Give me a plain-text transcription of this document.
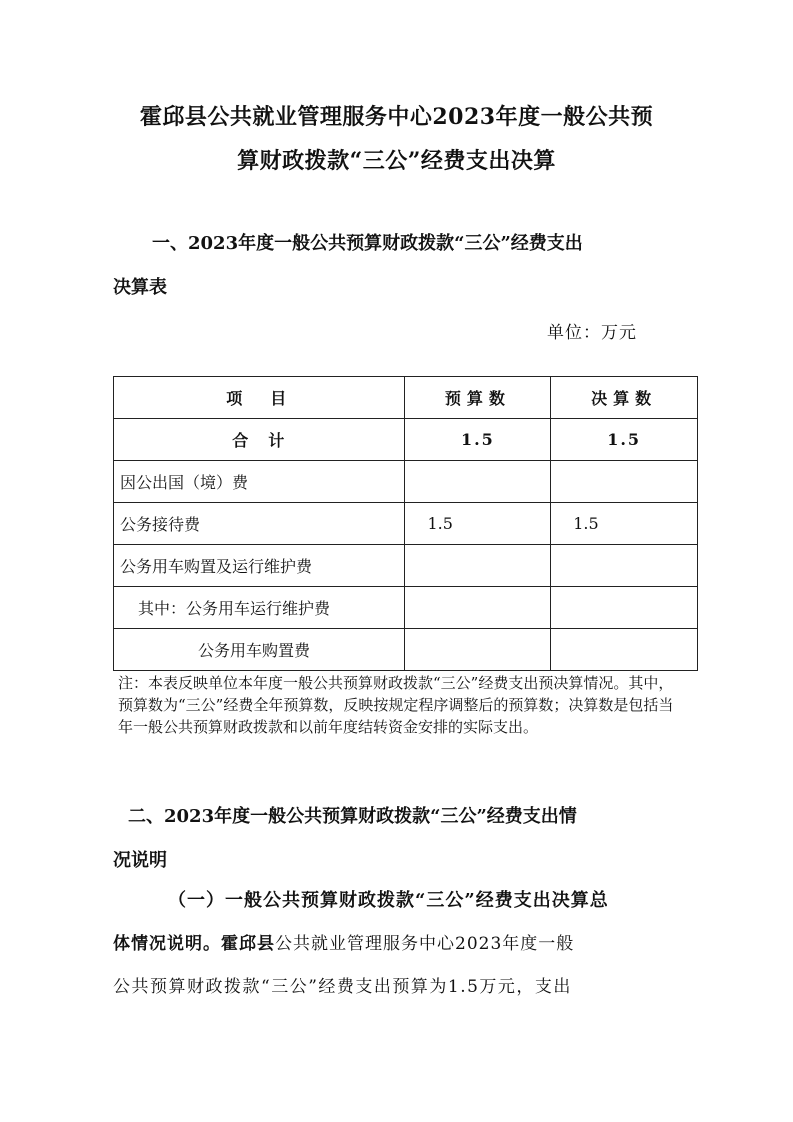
霍邱县公共就业管理服务中心2023年度一般公共预
算财政拨款“三公”经费支出决算
一、2023年度一般公共预算财政拨款“三公”经费支出
决算表
单位：万元
项　目	预算数	决算数
合　计	1.5	1.5
因公出国（境）费		
公务接待费	1.5	1.5
公务用车购置及运行维护费		
其中：公务用车运行维护费		
公务用车购置费		
注：本表反映单位本年度一般公共预算财政拨款“三公”经费支出预决算情况。其中，预算数为“三公”经费全年预算数，反映按规定程序调整后的预算数；决算数是包括当年一般公共预算财政拨款和以前年度结转资金安排的实际支出。
二、2023年度一般公共预算财政拨款“三公”经费支出情
况说明
（一）一般公共预算财政拨款“三公”经费支出决算总
体情况说明。霍邱县公共就业管理服务中心2023年度一般
公共预算财政拨款“三公”经费支出预算为1.5万元，支出
